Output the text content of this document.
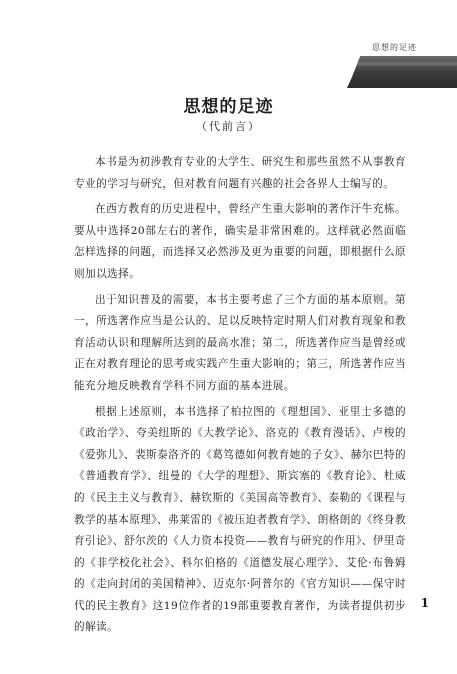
思想的足迹
思想的足迹
（代前言）

本书是为初涉教育专业的大学生、研究生和那些虽然不从事教育专业的学习与研究，但对教育问题有兴趣的社会各界人士编写的。

在西方教育的历史进程中，曾经产生重大影响的著作汗牛充栋。要从中选择20部左右的著作，确实是非常困难的。这样就必然面临怎样选择的问题，而选择又必然涉及更为重要的问题，即根据什么原则加以选择。

出于知识普及的需要，本书主要考虑了三个方面的基本原则。第一，所选著作应当是公认的、足以反映特定时期人们对教育现象和教育活动认识和理解所达到的最高水准；第二，所选著作应当是曾经或正在对教育理论的思考或实践产生重大影响的；第三，所选著作应当能充分地反映教育学科不同方面的基本进展。

根据上述原则，本书选择了柏拉图的《理想国》、亚里士多德的《政治学》、夸美纽斯的《大教学论》、洛克的《教育漫话》、卢梭的《爱弥儿》、裴斯泰洛齐的《葛笃德如何教育她的子女》、赫尔巴特的《普通教育学》、纽曼的《大学的理想》、斯宾塞的《教育论》、杜威的《民主主义与教育》、赫钦斯的《美国高等教育》、泰勒的《课程与教学的基本原理》、弗莱雷的《被压迫者教育学》、朗格朗的《终身教育引论》、舒尔茨的《人力资本投资——教育与研究的作用》、伊里奇的《非学校化社会》、科尔伯格的《道德发展心理学》、艾伦·布鲁姆的《走向封闭的美国精神》、迈克尔·阿普尔的《官方知识——保守时代的民主教育》这19位作者的19部重要教育著作，为读者提供初步的解读。

1
